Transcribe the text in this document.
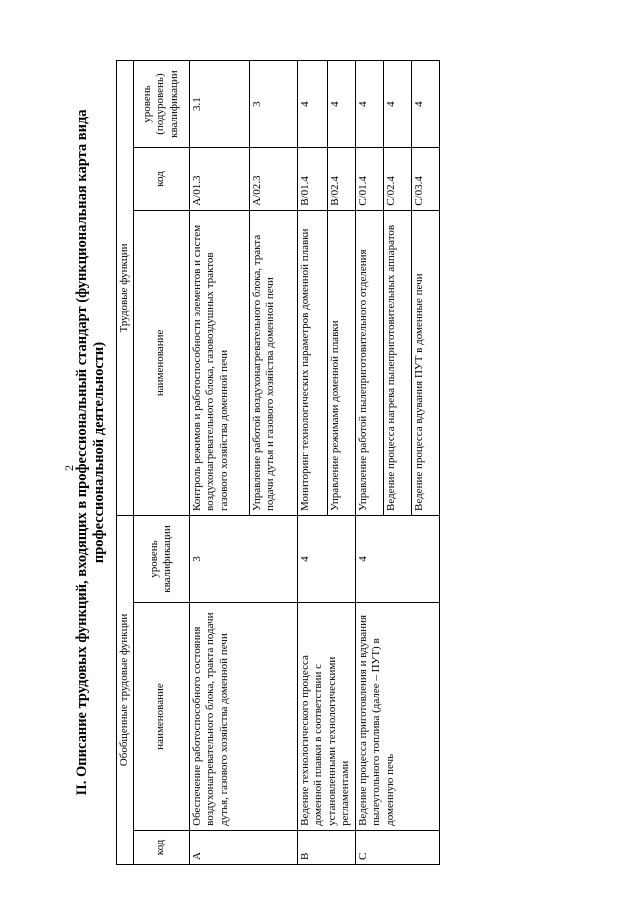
2
II. Описание трудовых функций, входящих в профессиональный стандарт (функциональная карта вида профессиональной деятельности)
Обобщенные трудовые функции			Трудовые функции		
код	наименование	уровень квалификации	наименование	код	уровень (подуровень) квалификации
A	Обеспечение работоспособного состояния воздухонагревательного блока, тракта подачи дутья, газового хозяйства доменной печи	3	Контроль режимов и работоспособности элементов и систем воздухонагревательного блока, газовоздушных трактов газового хозяйства доменной печи	A/01.3	3.1
			Управление работой воздухонагревательного блока, тракта подачи дутья и газового хозяйства доменной печи	A/02.3	3
B	Ведение технологического процесса доменной плавки в соответствии с установленными технологическими регламентами	4	Мониторинг технологических параметров доменной плавки	B/01.4	4
			Управление режимами доменной плавки	B/02.4	4
C	Ведение процесса приготовления и вдувания пылеугольного топлива (далее – ПУТ) в доменную печь	4	Управление работой пылеприготовительного отделения	C/01.4	4
			Ведение процесса нагрева пылеприготовительных аппаратов	C/02.4	4
			Ведение процесса вдувания ПУТ в доменные печи	C/03.4	4
